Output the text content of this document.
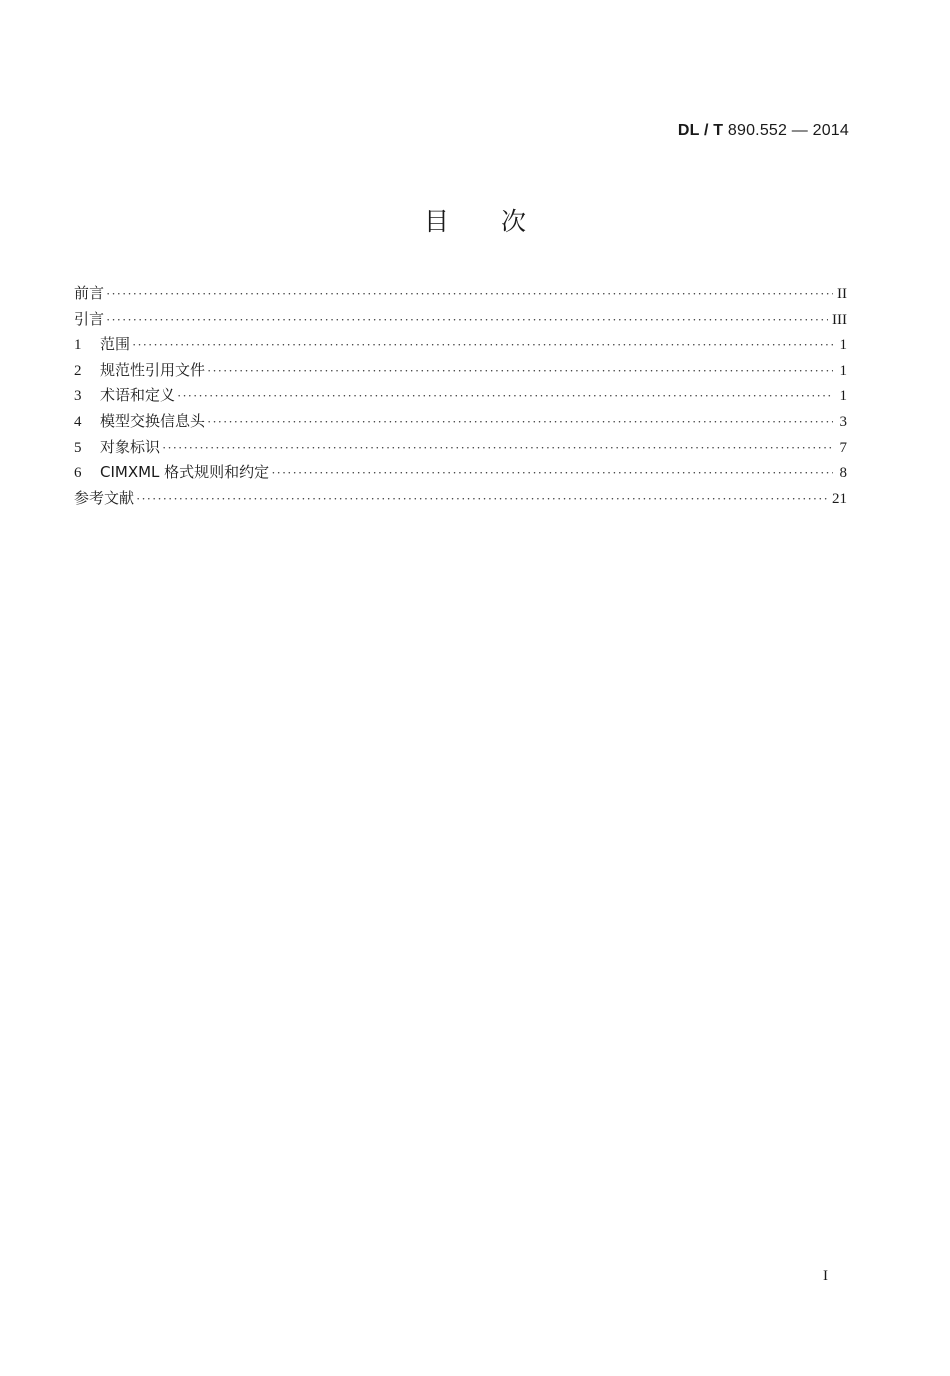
DL / T 890.552 — 2014
目次
前言 ·····	II
引言 ·····	III
1	范围 ·····	1
2	规范性引用文件 ·····	1
3	术语和定义 ·····	1
4	模型交换信息头 ·····	3
5	对象标识 ·····	7
6	CIMXML 格式规则和约定 ·····	8
参考文献 ·····	21
I
